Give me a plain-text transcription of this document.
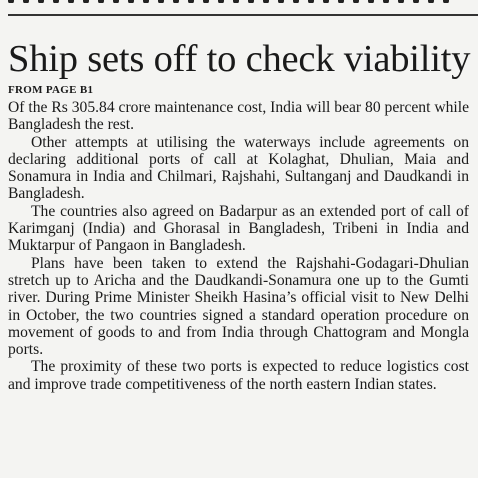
Ship sets off to check viability
FROM PAGE B1

Of the Rs 305.84 crore maintenance cost, India will bear 80 percent while Bangladesh the rest.

Other attempts at utilising the waterways include agreements on declaring additional ports of call at Kolaghat, Dhulian, Maia and Sonamura in India and Chilmari, Rajshahi, Sultanganj and Daudkandi in Bangladesh.

The countries also agreed on Badarpur as an extended port of call of Karimganj (India) and Ghorasal in Bangladesh, Tribeni in India and Muktarpur of Pangaon in Bangladesh.

Plans have been taken to extend the Rajshahi-Godagari-Dhulian stretch up to Aricha and the Daudkandi-Sonamura one up to the Gumti river. During Prime Minister Sheikh Hasina’s official visit to New Delhi in October, the two countries signed a standard operation procedure on movement of goods to and from India through Chattogram and Mongla ports.

The proximity of these two ports is expected to reduce logistics cost and improve trade competitiveness of the north eastern Indian states.
